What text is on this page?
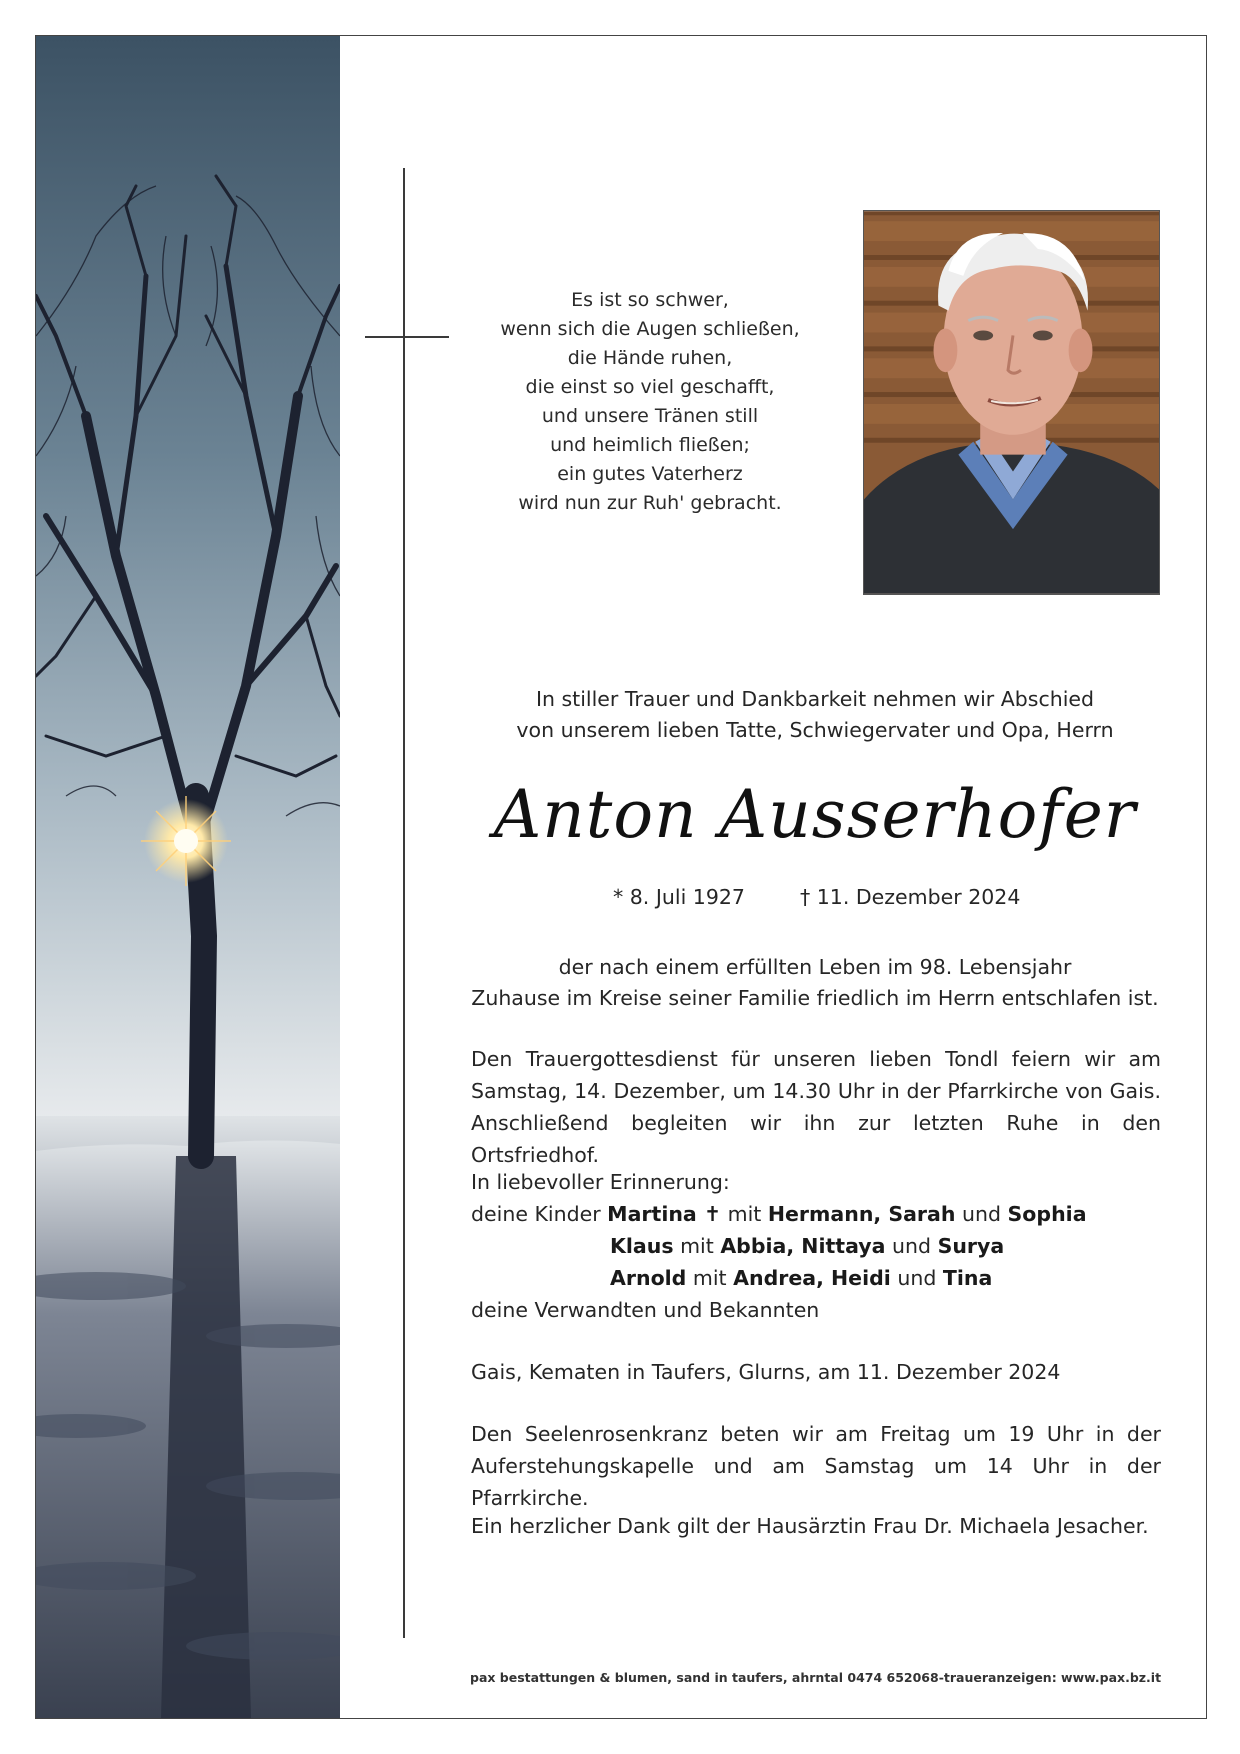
Es ist so schwer,
wenn sich die Augen schließen,
die Hände ruhen,
die einst so viel geschafft,
und unsere Tränen still
und heimlich fließen;
ein gutes Vaterherz
wird nun zur Ruh' gebracht.
In stiller Trauer und Dankbarkeit nehmen wir Abschied
von unserem lieben Tatte, Schwiegervater und Opa, Herrn
Anton Ausserhofer
* 8. Juli 1927	† 11. Dezember 2024
der nach einem erfüllten Leben im 98. Lebensjahr
Zuhause im Kreise seiner Familie friedlich im Herrn entschlafen ist.
Den Trauergottesdienst für unseren lieben Tondl feiern wir am
Samstag, 14. Dezember, um 14.30 Uhr in der Pfarrkirche von Gais.
Anschließend begleiten wir ihn zur letzten Ruhe in den Ortsfriedhof.
In liebevoller Erinnerung:
deine Kinder Martina ✝ mit Hermann, Sarah und Sophia
Klaus mit Abbia, Nittaya und Surya
Arnold mit Andrea, Heidi und Tina
deine Verwandten und Bekannten
Gais, Kematen in Taufers, Glurns, am 11. Dezember 2024
Den Seelenrosenkranz beten wir am Freitag um 19 Uhr in der
Auferstehungskapelle und am Samstag um 14 Uhr in der Pfarrkirche.
Ein herzlicher Dank gilt der Hausärztin Frau Dr. Michaela Jesacher.
pax bestattungen & blumen, sand in taufers, ahrntal 0474 652068-traueranzeigen: www.pax.bz.it
